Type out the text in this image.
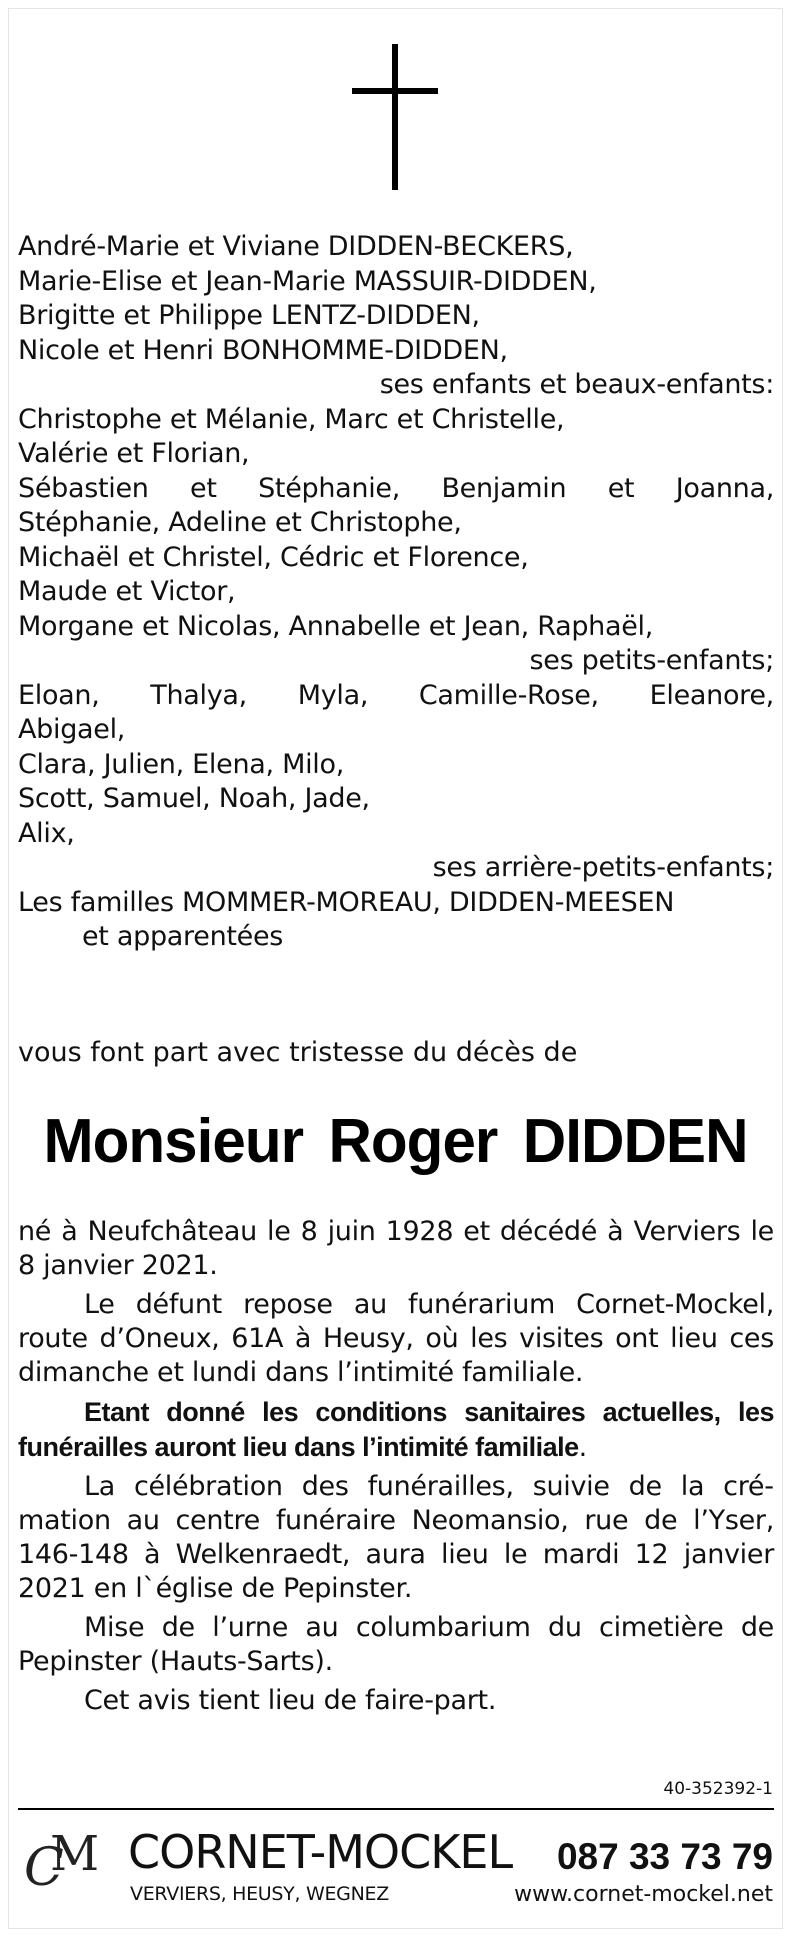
André-Marie et Viviane DIDDEN-BECKERS,
Marie-Elise et Jean-Marie MASSUIR-DIDDEN,
Brigitte et Philippe LENTZ-DIDDEN,
Nicole et Henri BONHOMME-DIDDEN,
ses enfants et beaux-enfants:
Christophe et Mélanie, Marc et Christelle,
Valérie et Florian,
Sébastien et Stéphanie, Benjamin et Joanna,
Stéphanie, Adeline et Christophe,
Michaël et Christel, Cédric et Florence,
Maude et Victor,
Morgane et Nicolas, Annabelle et Jean, Raphaël,
ses petits-enfants;
Eloan, Thalya, Myla, Camille-Rose, Eleanore,
Abigael,
Clara, Julien, Elena, Milo,
Scott, Samuel, Noah, Jade,
Alix,
ses arrière-petits-enfants;
Les familles MOMMER-MOREAU, DIDDEN-MEESEN
et apparentées
vous font part avec tristesse du décès de
Monsieur Roger DIDDEN

né à Neufchâteau le 8 juin 1928 et décédé à Verviers le 8 janvier 2021.

Le défunt repose au funérarium Cornet-Mockel, route d’Oneux, 61A à Heusy, où les visites ont lieu ces dimanche et lundi dans l’intimité familiale.

Etant donné les conditions sanitaires actuelles, les funérailles auront lieu dans l’intimité familiale.

La célébration des funérailles, suivie de la crémation au centre funéraire Neomansio, rue de l’Yser, 146-148 à Welkenraedt, aura lieu le mardi 12 janvier 2021 en l`église de Pepinster.

Mise de l’urne au columbarium du cimetière de Pepinster (Hauts-Sarts).

Cet avis tient lieu de faire-part.

40-352392-1
C
M CORNET-MOCKEL
VERVIERS, HEUSY, WEGNEZ
087 33 73 79
www.cornet-mockel.net
